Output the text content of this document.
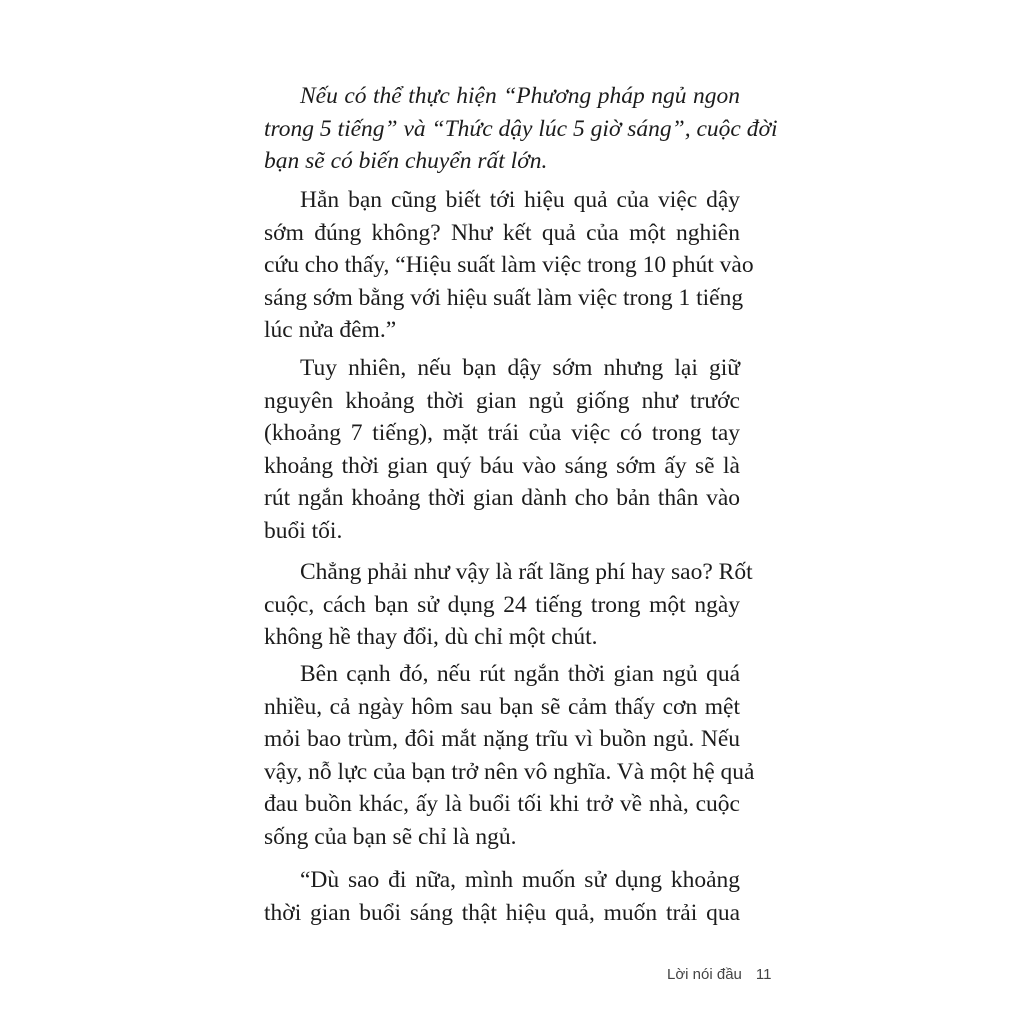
Nếu có thể thực hiện “Phương pháp ngủ ngon
trong 5 tiếng” và “Thức dậy lúc 5 giờ sáng”, cuộc đời
bạn sẽ có biến chuyển rất lớn.
Hẳn bạn cũng biết tới hiệu quả của việc dậy
sớm đúng không? Như kết quả của một nghiên
cứu cho thấy, “Hiệu suất làm việc trong 10 phút vào
sáng sớm bằng với hiệu suất làm việc trong 1 tiếng
lúc nửa đêm.”
Tuy nhiên, nếu bạn dậy sớm nhưng lại giữ
nguyên khoảng thời gian ngủ giống như trước
(khoảng 7 tiếng), mặt trái của việc có trong tay
khoảng thời gian quý báu vào sáng sớm ấy sẽ là
rút ngắn khoảng thời gian dành cho bản thân vào
buổi tối.
Chẳng phải như vậy là rất lãng phí hay sao? Rốt
cuộc, cách bạn sử dụng 24 tiếng trong một ngày
không hề thay đổi, dù chỉ một chút.
Bên cạnh đó, nếu rút ngắn thời gian ngủ quá
nhiều, cả ngày hôm sau bạn sẽ cảm thấy cơn mệt
mỏi bao trùm, đôi mắt nặng trĩu vì buồn ngủ. Nếu
vậy, nỗ lực của bạn trở nên vô nghĩa. Và một hệ quả
đau buồn khác, ấy là buổi tối khi trở về nhà, cuộc
sống của bạn sẽ chỉ là ngủ.
“Dù sao đi nữa, mình muốn sử dụng khoảng
thời gian buổi sáng thật hiệu quả, muốn trải qua
Lời nói đầu 11
